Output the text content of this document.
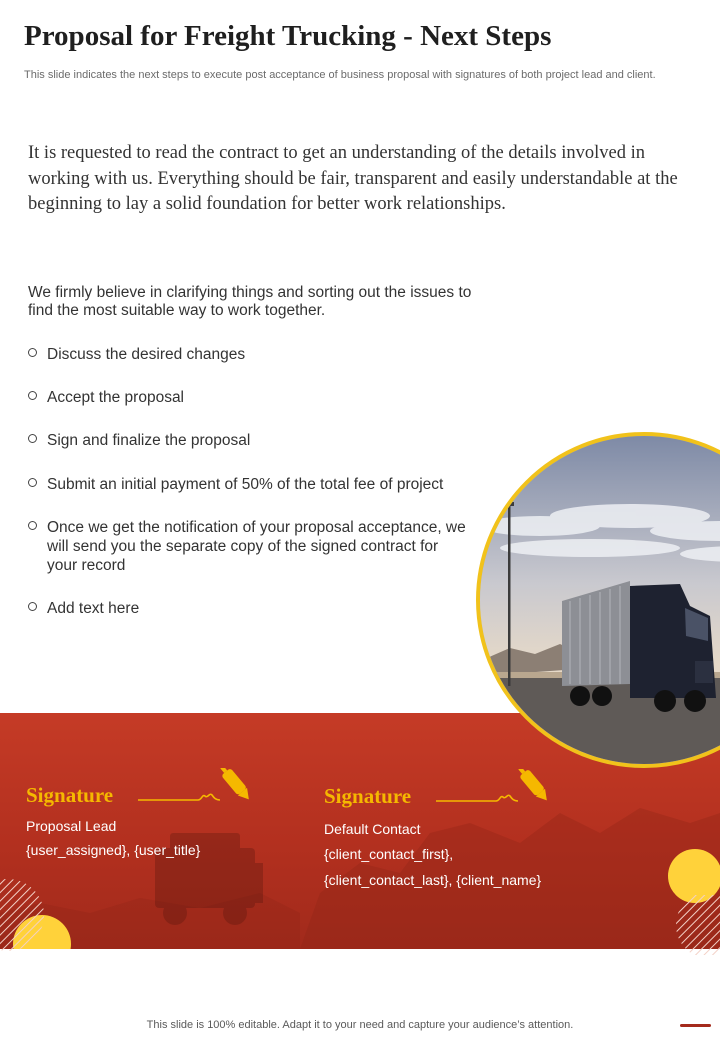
Proposal for Freight Trucking - Next Steps

This slide indicates the next steps to execute post acceptance of business proposal with signatures of both project lead and client.

It is requested to read the contract to get an understanding of the details involved in working with us. Everything should be fair, transparent and easily understandable at the beginning to lay a solid foundation for better work relationships.

We firmly believe in clarifying things and sorting out the issues to find the most suitable way to work together.

Discuss the desired changes
Accept the proposal
Sign and finalize the proposal
Submit an initial payment of 50% of the total fee of project
Once we get the notification of your proposal acceptance, we will send you the separate copy of the signed contract for your record
Add text here
Signature
Proposal Lead
{user_assigned}, {user_title}
Signature
Default Contact
{client_contact_first},
{client_contact_last}, {client_name}
This slide is 100% editable. Adapt it to your need and capture your audience’s attention.
